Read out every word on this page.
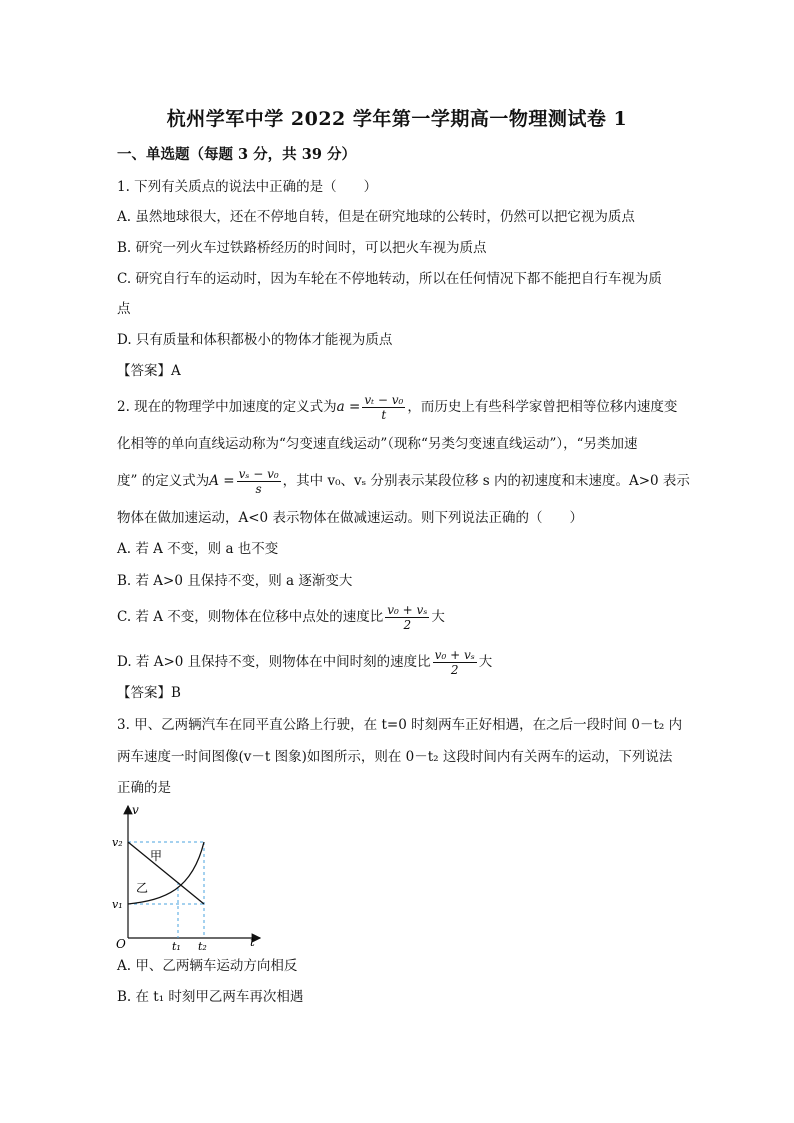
杭州学军中学 2022 学年第一学期高一物理测试卷 1
一、单选题（每题 3 分，共 39 分）
1. 下列有关质点的说法中正确的是（　　）
A. 虽然地球很大，还在不停地自转，但是在研究地球的公转时，仍然可以把它视为质点
B. 研究一列火车过铁路桥经历的时间时，可以把火车视为质点
C. 研究自行车的运动时，因为车轮在不停地转动，所以在任何情况下都不能把自行车视为质
点
D. 只有质量和体积都极小的物体才能视为质点
【答案】A
2. 现在的物理学中加速度的定义式为$a = \frac{\text{vₜ − v₀}}{t}$ ，而历史上有些科学家曾把相等位移内速度变
化相等的单向直线运动称为“匀变速直线运动”（现称“另类匀变速直线运动”），“另类加速
度” 的定义式为$A = \frac{\text{vₛ − v₀}}{s}$ ，其中 v₀、vₛ 分别表示某段位移 s 内的初速度和末速度。A>0 表示
物体在做加速运动，A<0 表示物体在做减速运动。则下列说法正确的（　　）
A. 若 A 不变，则 a 也不变
B. 若 A>0 且保持不变，则 a 逐渐变大
C. 若 A 不变，则物体在位移中点处的速度比 $\frac{\text{v₀ + vₛ}}{2}$ 大
D. 若 A>0 且保持不变，则物体在中间时刻的速度比 $\frac{\text{v₀ + vₛ}}{2}$ 大
【答案】B
3. 甲、乙两辆汽车在同平直公路上行驶，在 t=0 时刻两车正好相遇，在之后一段时间 0－t₂ 内
两车速度一时间图像(v－t 图象)如图所示，则在 0－t₂ 这段时间内有关两车的运动，下列说法
正确的是
v
t
O
v₂
v₁
t₁ t₂
甲
乙
A. 甲、乙两辆车运动方向相反
B. 在 t₁ 时刻甲乙两车再次相遇
